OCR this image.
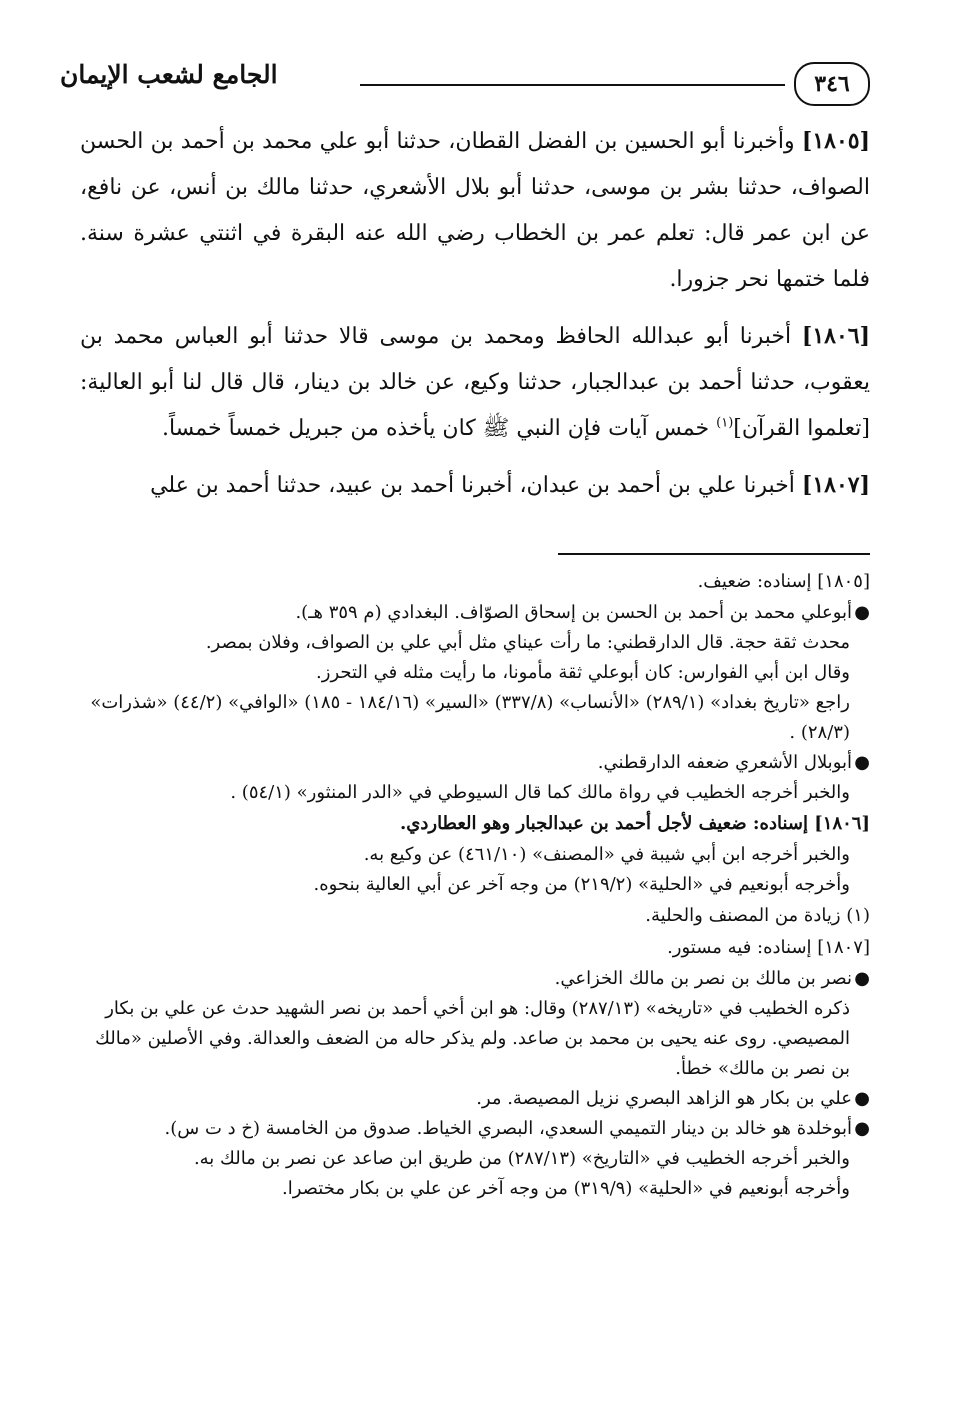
٣٤٦
الجامع لشعب الإيمان

[١٨٠٥] وأخبرنا أبو الحسين بن الفضل القطان، حدثنا أبو علي محمد بن أحمد بن الحسن الصواف، حدثنا بشر بن موسى، حدثنا أبو بلال الأشعري، حدثنا مالك بن أنس، عن نافع، عن ابن عمر قال: تعلم عمر بن الخطاب رضي الله عنه البقرة في اثنتي عشرة سنة. فلما ختمها نحر جزورا.

[١٨٠٦] أخبرنا أبو عبدالله الحافظ ومحمد بن موسى قالا حدثنا أبو العباس محمد بن يعقوب، حدثنا أحمد بن عبدالجبار، حدثنا وكيع، عن خالد بن دينار، قال قال لنا أبو العالية: [تعلموا القرآن]$^{(١)}$ خمس آيات فإن النبي ﷺ كان يأخذه من جبريل خمساً خمساً.

[١٨٠٧] أخبرنا علي بن أحمد بن عبدان، أخبرنا أحمد بن عبيد، حدثنا أحمد بن علي

[١٨٠٥] إسناده: ضعيف.

●أبوعلي محمد بن أحمد بن الحسن بن إسحاق الصوّاف. البغدادي (م ٣٥٩ هـ).

محدث ثقة حجة. قال الدارقطني: ما رأت عيناي مثل أبي علي بن الصواف، وفلان بمصر.

وقال ابن أبي الفوارس: كان أبوعلي ثقة مأمونا، ما رأيت مثله في التحرز.

راجع «تاريخ بغداد» (٢٨٩/١) «الأنساب» (٣٣٧/٨) «السير» (١٨٤/١٦ - ١٨٥) «الوافي» (٤٤/٢) «شذرات» (٢٨/٣) .

●أبوبلال الأشعري ضعفه الدارقطني.

والخبر أخرجه الخطيب في رواة مالك كما قال السيوطي في «الدر المنثور» (٥٤/١) .

[١٨٠٦] إسناده: ضعيف لأجل أحمد بن عبدالجبار وهو العطاردي.

والخبر أخرجه ابن أبي شيبة في «المصنف» (٤٦١/١٠) عن وكيع به.

وأخرجه أبونعيم في «الحلية» (٢١٩/٢) من وجه آخر عن أبي العالية بنحوه.

(١) زيادة من المصنف والحلية.

[١٨٠٧] إسناده: فيه مستور.

●نصر بن مالك بن نصر بن مالك الخزاعي.

ذكره الخطيب في «تاريخه» (٢٨٧/١٣) وقال: هو ابن أخي أحمد بن نصر الشهيد حدث عن علي بن بكار المصيصي. روى عنه يحيى بن محمد بن صاعد. ولم يذكر حاله من الضعف والعدالة. وفي الأصلين «مالك بن نصر بن مالك» خطأ.

●علي بن بكار هو الزاهد البصري نزيل المصيصة. مر.

●أبوخلدة هو خالد بن دينار التميمي السعدي، البصري الخياط. صدوق من الخامسة (خ د ت س).

والخبر أخرجه الخطيب في «التاريخ» (٢٨٧/١٣) من طريق ابن صاعد عن نصر بن مالك به.

وأخرجه أبونعيم في «الحلية» (٣١٩/٩) من وجه آخر عن علي بن بكار مختصرا.
